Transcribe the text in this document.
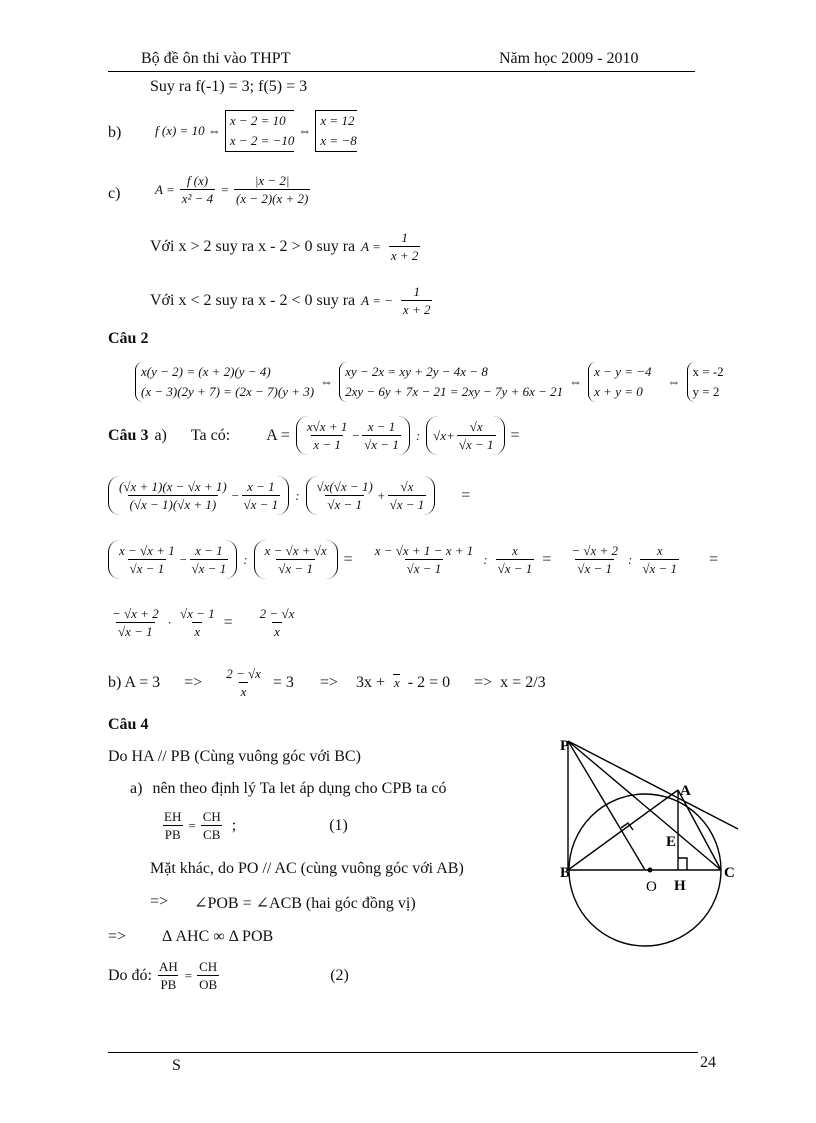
Bộ đề ôn thi vào THPT	Năm học 2009 - 2010
Suy ra f(-1) = 3; f(5) = 3
b)	f (x) = 10 ⇔
x − 2 = 10
x − 2 = −10
⇔
x = 12
x = −8
c)	$A = \frac{f (x)}{\text{x² − 4}} = \frac{|x - 2|}{(x - 2)(x + 2)}$
Với x > 2 suy ra x - 2 > 0 suy ra $A = \frac{1}{x + 2}$
Với x < 2 suy ra x - 2 < 0 suy ra A = − $\frac{1}{x + 2}$
Câu 2
x(y − 2) = (x + 2)(y − 4)
(x − 3)(2y + 7) = (2x − 7)(y + 3)
⇔
xy − 2x = xy + 2y − 4x − 8
2xy − 6y + 7x − 21 = 2xy − 7y + 6x − 21
⇔
x − y = −4
x + y = 0
⇔
x = -2
y = 2
Câu 3 a) Ta có: $A = \frac{x√x + 1}{x - 1} - \frac{x - 1}{√x - 1}$ : $√x + \frac{√x}{√x - 1}$ =
$\frac{(√x + 1)(x - √x + 1)}{(√x - 1)(√x + 1)} - \frac{x - 1}{√x - 1}$ : $\frac{√x(√x - 1)}{√x - 1} + \frac{√x}{√x - 1}$ =
$\frac{x - √x + 1}{√x - 1} - \frac{x - 1}{√x - 1}$ : $\frac{x - √x + √x}{√x - 1} = \frac{x - √x + 1 - x + 1}{√x - 1}$ : $\frac{x}{√x - 1} = \frac{- √x + 2}{√x - 1}$ : $\frac{x}{√x - 1}$ =
$\frac{- √x + 2}{√x - 1} \cdot \frac{√x - 1}{x} = \frac{2 - √x}{x}$
b) $A = 3 => \frac{2 - √x}{x} = 3 => 3x + x - 2 = 0 => x = 2/3$
Câu 4
Do HA // PB (Cùng vuông góc với BC)
a) nên theo định lý Ta let áp dụng cho CPB ta có
$\frac{EH}{PB} = \frac{CH}{CB}$ ;	(1)
Mặt khác, do PO // AC (cùng vuông góc với AB)
=> ∠POB = ∠ACB (hai góc đồng vị)
=> Δ AHC ∞ Δ POB
Do đó: $\frac{AH}{PB} = \frac{CH}{OB}$	(2)
P
A
E
B	C
H
O
S	24
